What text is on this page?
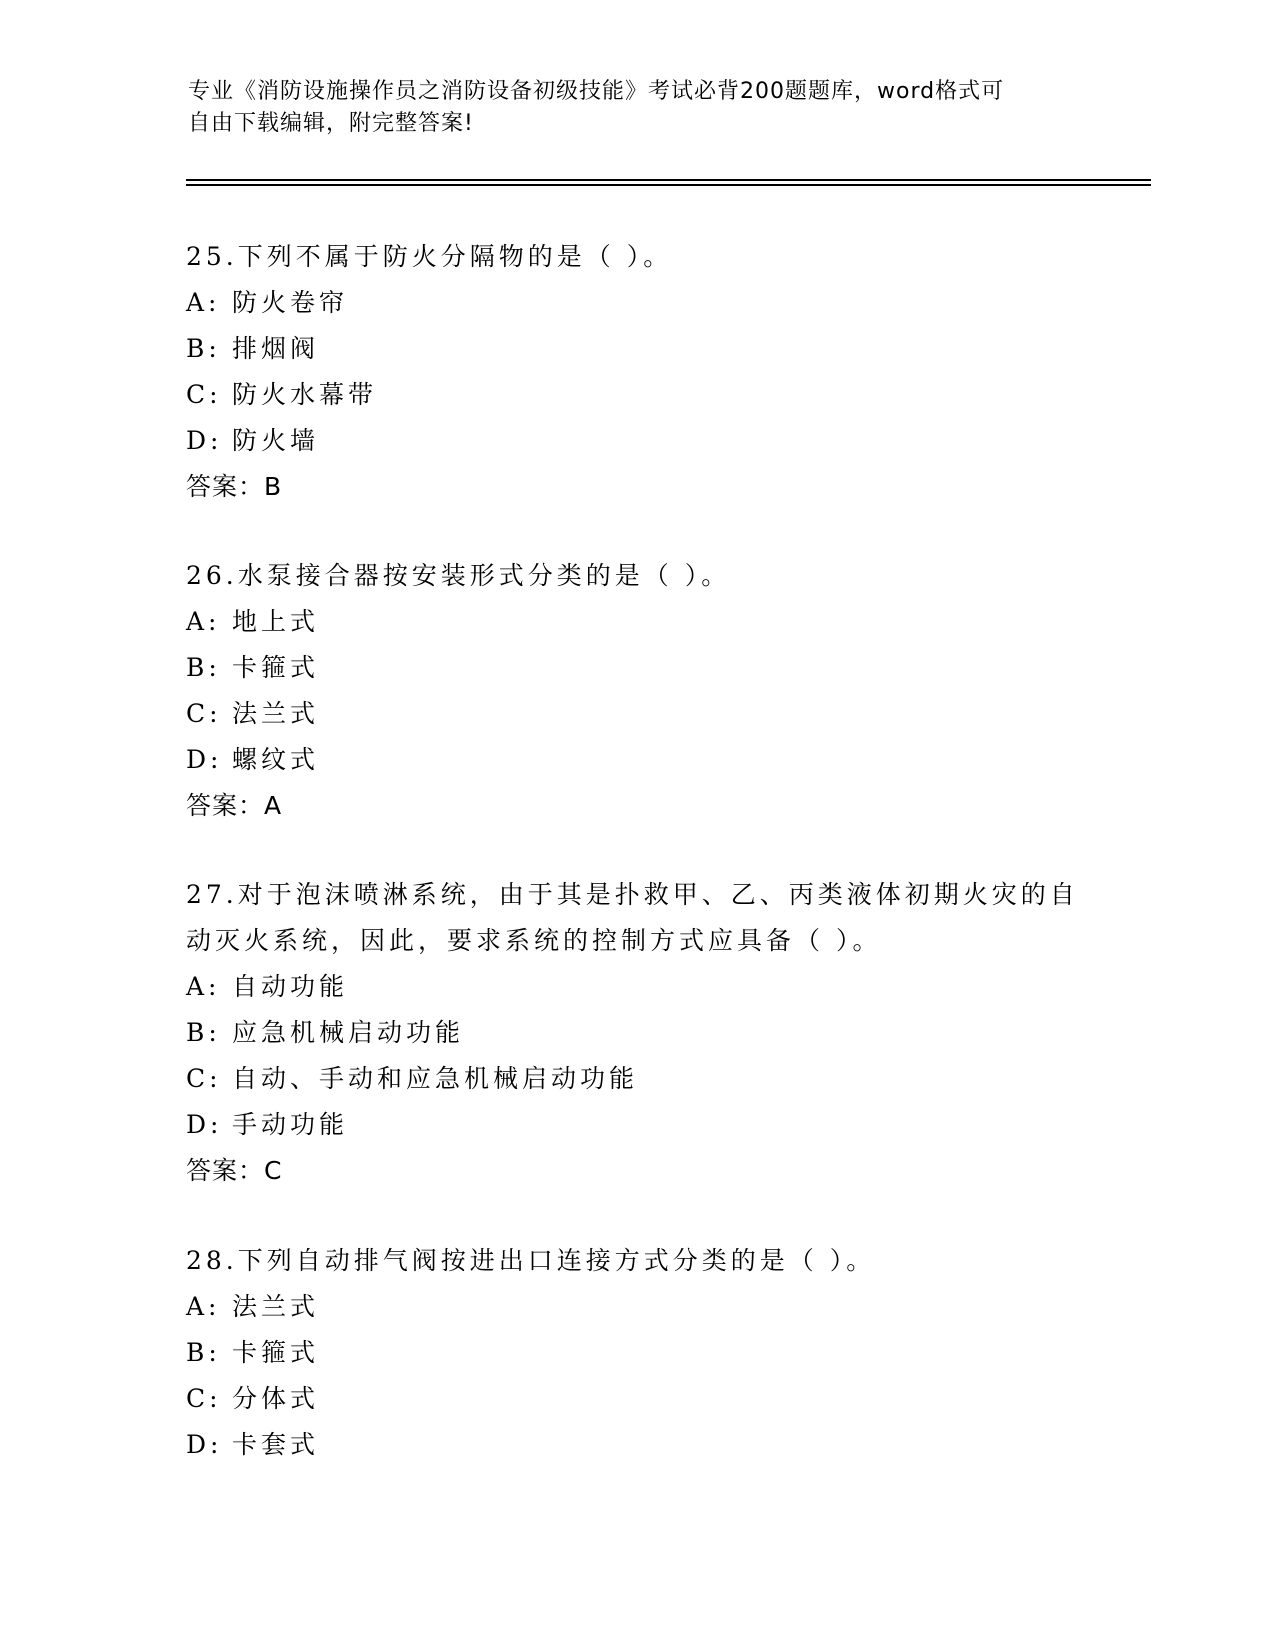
专业《消防设施操作员之消防设备初级技能》考试必背200题题库，word格式可
自由下载编辑，附完整答案!
25.下列不属于防火分隔物的是（ ）。
A: 防火卷帘
B: 排烟阀
C: 防火水幕带
D: 防火墙
答案：B
26.水泵接合器按安装形式分类的是（ ）。
A: 地上式
B: 卡箍式
C: 法兰式
D: 螺纹式
答案：A
27.对于泡沫喷淋系统，由于其是扑救甲、乙、丙类液体初期火灾的自
动灭火系统，因此，要求系统的控制方式应具备（ ）。
A: 自动功能
B: 应急机械启动功能
C: 自动、手动和应急机械启动功能
D: 手动功能
答案：C
28.下列自动排气阀按进出口连接方式分类的是（ ）。
A: 法兰式
B: 卡箍式
C: 分体式
D: 卡套式
